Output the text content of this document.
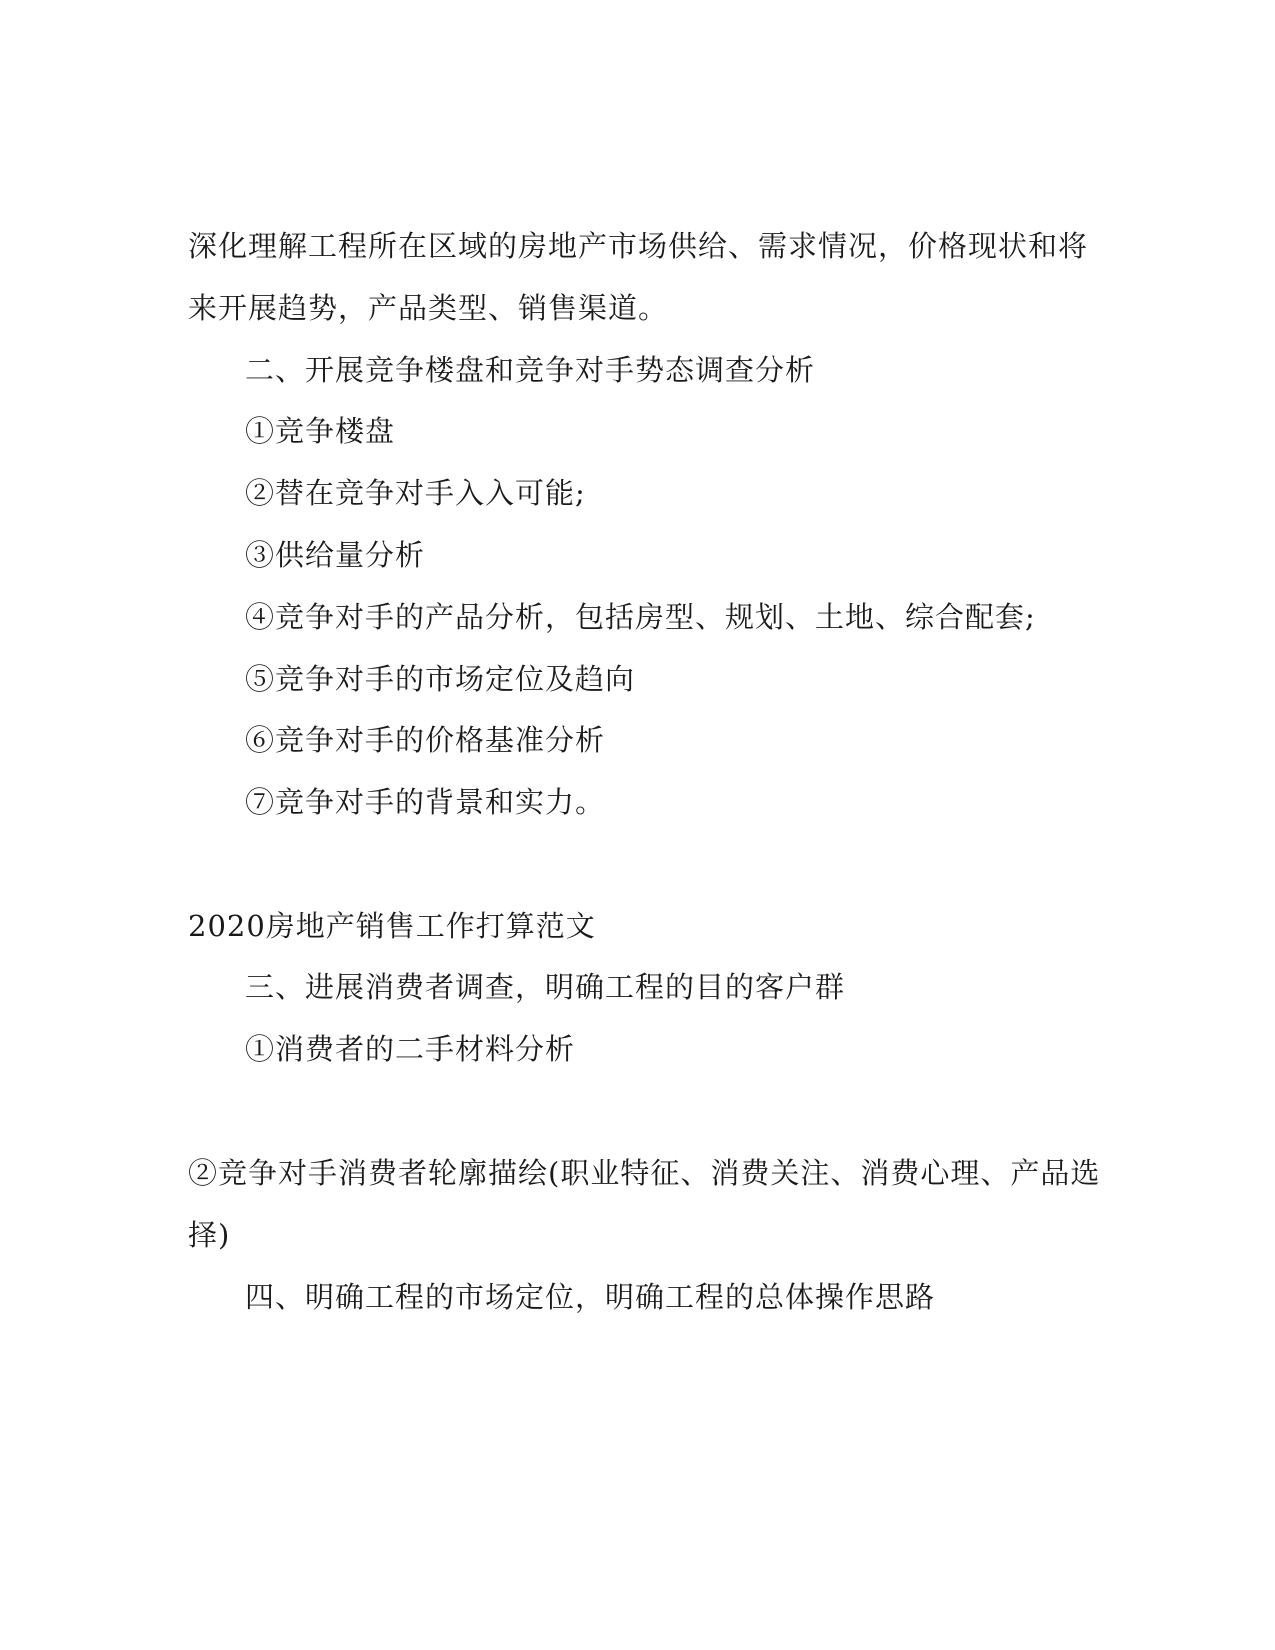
深化理解工程所在区域的房地产市场供给、需求情况，价格现状和将
来开展趋势，产品类型、销售渠道。
二、开展竞争楼盘和竞争对手势态调查分析
①竞争楼盘
②替在竞争对手入入可能;
③供给量分析
④竞争对手的产品分析，包括房型、规划、土地、综合配套;
⑤竞争对手的市场定位及趋向
⑥竞争对手的价格基准分析
⑦竞争对手的背景和实力。
2020房地产销售工作打算范文
三、进展消费者调查，明确工程的目的客户群
①消费者的二手材料分析
②竞争对手消费者轮廓描绘(职业特征、消费关注、消费心理、产品选
择)
四、明确工程的市场定位，明确工程的总体操作思路
